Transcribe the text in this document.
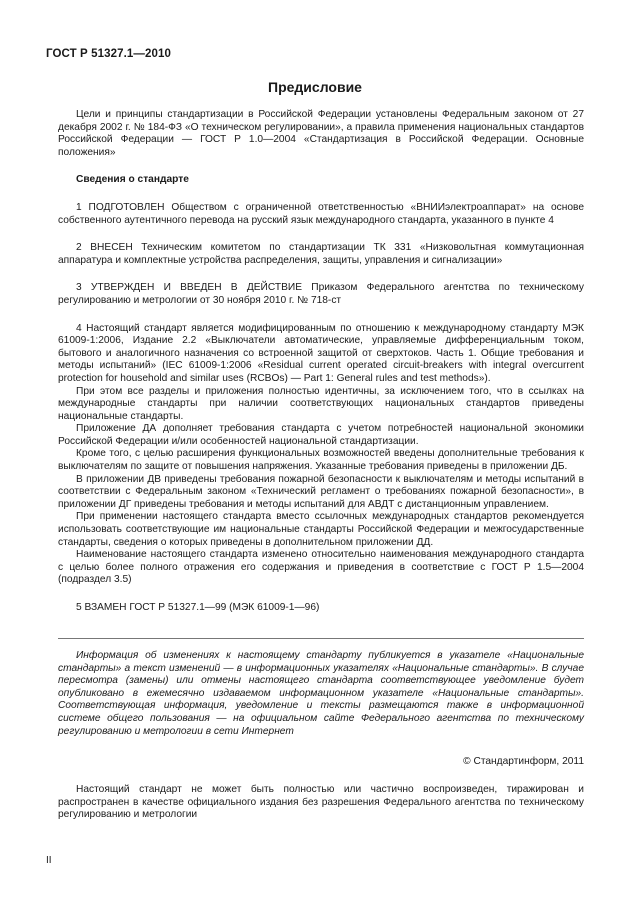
ГОСТ Р 51327.1—2010
Предисловие

Цели и принципы стандартизации в Российской Федерации установлены Федеральным законом от 27 декабря 2002 г. № 184-ФЗ «О техническом регулировании», а правила применения национальных стандартов Российской Федерации — ГОСТ Р 1.0—2004 «Стандартизация в Российской Федерации. Основные положения»

Сведения о стандарте

1 ПОДГОТОВЛЕН Обществом с ограниченной ответственностью «ВНИИэлектроаппарат» на основе собственного аутентичного перевода на русский язык международного стандарта, указанного в пункте 4

2 ВНЕСЕН Техническим комитетом по стандартизации ТК 331 «Низковольтная коммутационная аппаратура и комплектные устройства распределения, защиты, управления и сигнализации»

3 УТВЕРЖДЕН И ВВЕДЕН В ДЕЙСТВИЕ Приказом Федерального агентства по техническому регулированию и метрологии от 30 ноября 2010 г. № 718-ст

4 Настоящий стандарт является модифицированным по отношению к международному стандарту МЭК 61009-1:2006, Издание 2.2 «Выключатели автоматические, управляемые дифференциальным током, бытового и аналогичного назначения со встроенной защитой от сверхтоков. Часть 1. Общие требования и методы испытаний» (IEC 61009-1:2006 «Residual current operated circuit-breakers with integral overcurrent protection for household and similar uses (RCBOs) — Part 1: General rules and test methods»).

При этом все разделы и приложения полностью идентичны, за исключением того, что в ссылках на международные стандарты при наличии соответствующих национальных стандартов приведены национальные стандарты.

Приложение ДА дополняет требования стандарта с учетом потребностей национальной экономики Российской Федерации и/или особенностей национальной стандартизации.

Кроме того, с целью расширения функциональных возможностей введены дополнительные требования к выключателям по защите от повышения напряжения. Указанные требования приведены в приложении ДБ.

В приложении ДВ приведены требования пожарной безопасности к выключателям и методы испытаний в соответствии с Федеральным законом «Технический регламент о требованиях пожарной безопасности», в приложении ДГ приведены требования и методы испытаний для АВДТ с дистанционным управлением.

При применении настоящего стандарта вместо ссылочных международных стандартов рекомендуется использовать соответствующие им национальные стандарты Российской Федерации и межгосударственные стандарты, сведения о которых приведены в дополнительном приложении ДД.

Наименование настоящего стандарта изменено относительно наименования международного стандарта с целью более полного отражения его содержания и приведения в соответствие с ГОСТ Р 1.5—2004 (подраздел 3.5)

5 ВЗАМЕН ГОСТ Р 51327.1—99 (МЭК 61009-1—96)

Информация об изменениях к настоящему стандарту публикуется в указателе «Национальные стандарты» а текст изменений — в информационных указателях «Национальные стандарты». В случае пересмотра (замены) или отмены настоящего стандарта соответствующее уведомление будет опубликовано в ежемесячно издаваемом информационном указателе «Национальные стандарты». Соответствующая информация, уведомление и тексты размещаются также в информационной системе общего пользования — на официальном сайте Федерального агентства по техническому регулированию и метрологии в сети Интернет

© Стандартинформ, 2011

Настоящий стандарт не может быть полностью или частично воспроизведен, тиражирован и распространен в качестве официального издания без разрешения Федерального агентства по техническому регулированию и метрологии

II
